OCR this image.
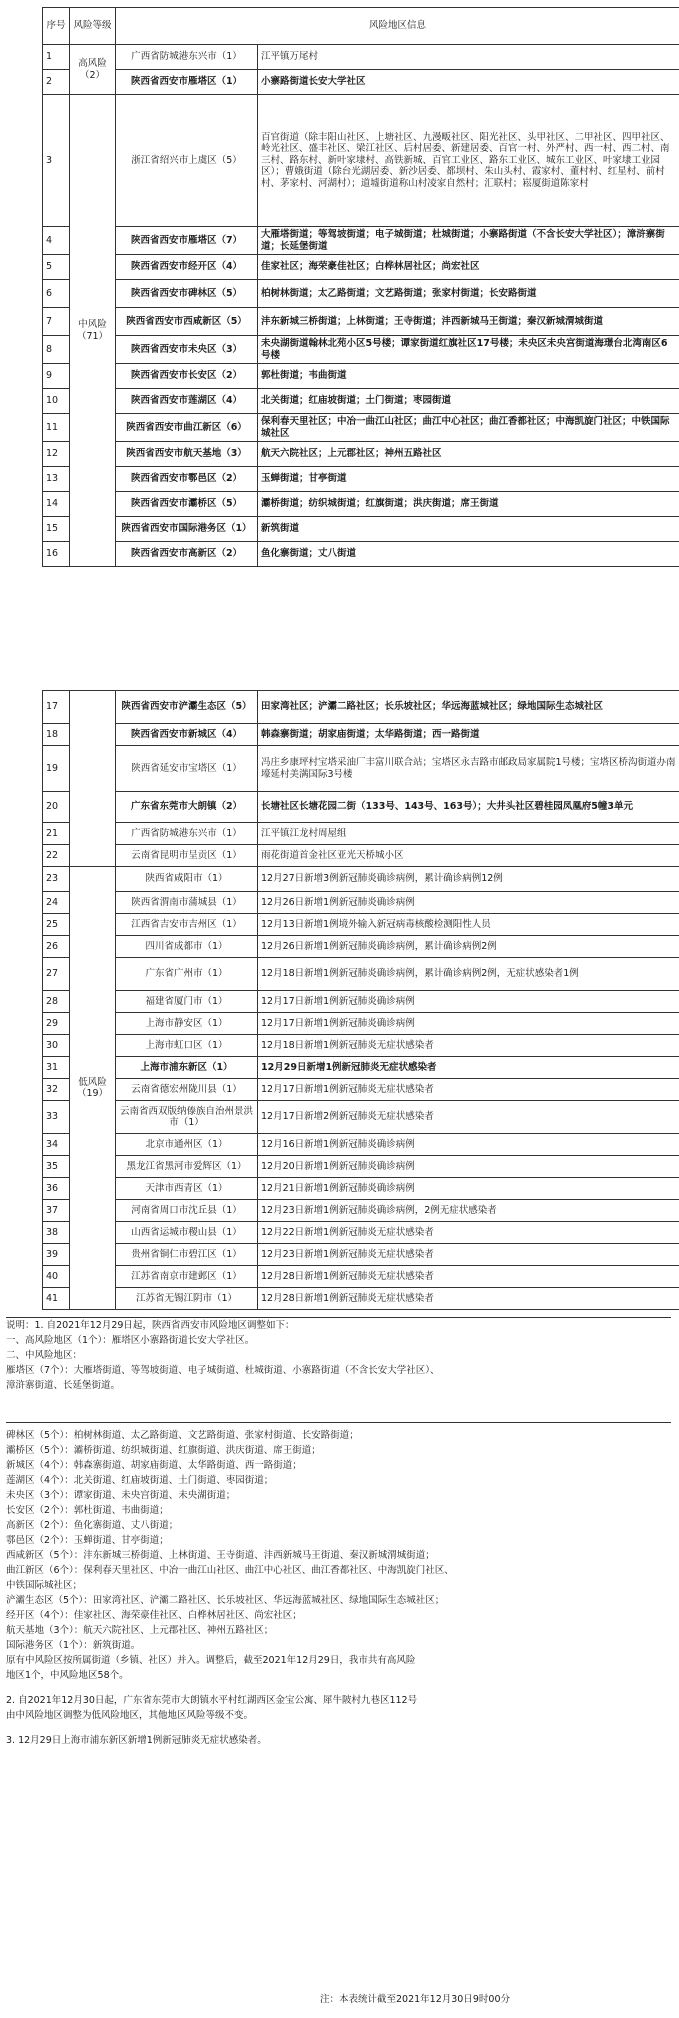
序号	风险等级	风险地区信息	
1	高风险（2）	广西省防城港东兴市（1）	江平镇万尾村
2		陕西省西安市雁塔区（1）	小寨路街道长安大学社区
3	中风险（71）	浙江省绍兴市上虞区（5）	百官街道（除丰阳山社区、上塘社区、九漫畈社区、阳光社区、头甲社区、二甲社区、四甲社区、岭光社区、盛丰社区、梁江社区、后村居委、新建居委、百官一村、外严村、西一村、西二村、南三村、路东村、新叶家埭村、高铁新城、百官工业区、路东工业区、城东工业区、叶家埭工业园区）；曹娥街道（除台光湖居委、新沙居委、都坝村、朱山头村、霞家村、董村村、红星村、前村村、茅家村、河湖村）；道墟街道称山村凌家自然村；汇联村；崧厦街道陈家村
4		陕西省西安市雁塔区（7）	大雁塔街道；等驾坡街道；电子城街道；杜城街道；小寨路街道（不含长安大学社区）；漳浒寨街道；长延堡街道
5		陕西省西安市经开区（4）	佳家社区；海荣豪佳社区；白桦林居社区；尚宏社区
6		陕西省西安市碑林区（5）	柏树林街道；太乙路街道；文艺路街道；张家村街道；长安路街道
7		陕西省西安市西咸新区（5）	沣东新城三桥街道；上林街道；王寺街道；沣西新城马王街道；秦汉新城渭城街道
8		陕西省西安市未央区（3）	未央湖街道翰林北苑小区5号楼；谭家街道红旗社区17号楼；未央区未央宫街道海璟台北湾南区6号楼
9		陕西省西安市长安区（2）	郭杜街道；韦曲街道
10		陕西省西安市莲湖区（4）	北关街道；红庙坡街道；土门街道；枣园街道
11		陕西省西安市曲江新区（6）	保利春天里社区；中冶一曲江山社区；曲江中心社区；曲江香都社区；中海凯旋门社区；中铁国际城社区
12		陕西省西安市航天基地（3）	航天六院社区；上元郡社区；神州五路社区
13		陕西省西安市鄠邑区（2）	玉蝉街道；甘亭街道
14		陕西省西安市灞桥区（5）	灞桥街道；纺织城街道；红旗街道；洪庆街道；席王街道
15		陕西省西安市国际港务区（1）	新筑街道
16		陕西省西安市高新区（2）	鱼化寨街道；丈八街道
17		陕西省西安市浐灞生态区（5）	田家湾社区；浐灞二路社区；长乐坡社区；华远海蓝城社区；绿地国际生态城社区
18		陕西省西安市新城区（4）	韩森寨街道；胡家庙街道；太华路街道；西一路街道
19		陕西省延安市宝塔区（1）	冯庄乡康坪村宝塔采油厂丰富川联合站；宝塔区永吉路市邮政局家属院1号楼；宝塔区桥沟街道办南壕延村美满国际3号楼
20		广东省东莞市大朗镇（2）	长塘社区长塘花园二街（133号、143号、163号）；大井头社区碧桂园凤凰府5幢3单元
21		广西省防城港东兴市（1）	江平镇江龙村周屋组
22		云南省昆明市呈贡区（1）	雨花街道首金社区亚光天桥城小区
23	低风险（19）	陕西省咸阳市（1）	12月27日新增3例新冠肺炎确诊病例，累计确诊病例12例
24		陕西省渭南市蒲城县（1）	12月26日新增1例新冠肺炎确诊病例
25		江西省吉安市吉州区（1）	12月13日新增1例境外输入新冠病毒核酸检测阳性人员
26		四川省成都市（1）	12月26日新增1例新冠肺炎确诊病例，累计确诊病例2例
27		广东省广州市（1）	12月18日新增1例新冠肺炎确诊病例，累计确诊病例2例，无症状感染者1例
28		福建省厦门市（1）	12月17日新增1例新冠肺炎确诊病例
29		上海市静安区（1）	12月17日新增1例新冠肺炎确诊病例
30		上海市虹口区（1）	12月18日新增1例新冠肺炎无症状感染者
31		上海市浦东新区（1）	12月29日新增1例新冠肺炎无症状感染者
32		云南省德宏州陇川县（1）	12月17日新增1例新冠肺炎无症状感染者
33		云南省西双版纳傣族自治州景洪市（1）	12月17日新增2例新冠肺炎无症状感染者
34		北京市通州区（1）	12月16日新增1例新冠肺炎确诊病例
35		黑龙江省黑河市爱辉区（1）	12月20日新增1例新冠肺炎确诊病例
36		天津市西青区（1）	12月21日新增1例新冠肺炎确诊病例
37		河南省周口市沈丘县（1）	12月23日新增1例新冠肺炎确诊病例，2例无症状感染者
38		山西省运城市稷山县（1）	12月22日新增1例新冠肺炎无症状感染者
39		贵州省铜仁市碧江区（1）	12月23日新增1例新冠肺炎无症状感染者
40		江苏省南京市建邺区（1）	12月28日新增1例新冠肺炎无症状感染者
41		江苏省无锡江阴市（1）	12月28日新增1例新冠肺炎无症状感染者

说明：1. 自2021年12月29日起，陕西省西安市风险地区调整如下：

一、高风险地区（1个）：雁塔区小寨路街道长安大学社区。

二、中风险地区：

雁塔区（7个）：大雁塔街道、等驾坡街道、电子城街道、杜城街道、小寨路街道（不含长安大学社区）、

漳浒寨街道、长延堡街道。

碑林区（5个）：柏树林街道、太乙路街道、文艺路街道、张家村街道、长安路街道；

灞桥区（5个）：灞桥街道、纺织城街道、红旗街道、洪庆街道、席王街道；

新城区（4个）：韩森寨街道、胡家庙街道、太华路街道、西一路街道；

莲湖区（4个）：北关街道、红庙坡街道、土门街道、枣园街道；

未央区（3个）：谭家街道、未央宫街道、未央湖街道；

长安区（2个）：郭杜街道、韦曲街道；

高新区（2个）：鱼化寨街道、丈八街道；

鄠邑区（2个）：玉蝉街道、甘亭街道；

西咸新区（5个）：沣东新城三桥街道、上林街道、王寺街道、沣西新城马王街道、秦汉新城渭城街道；

曲江新区（6个）：保利春天里社区、中冶一曲江山社区、曲江中心社区、曲江香都社区、中海凯旋门社区、

中铁国际城社区；

浐灞生态区（5个）：田家湾社区、浐灞二路社区、长乐坡社区、华远海蓝城社区、绿地国际生态城社区；

经开区（4个）：佳家社区、海荣豪佳社区、白桦林居社区、尚宏社区；

航天基地（3个）：航天六院社区、上元郡社区、神州五路社区；

国际港务区（1个）：新筑街道。

原有中风险区按所属街道（乡镇、社区）并入。调整后，截至2021年12月29日，我市共有高风险

地区1个，中风险地区58个。

2. 自2021年12月30日起，广东省东莞市大朗镇水平村红湖西区金宝公寓、犀牛陂村九巷区112号

由中风险地区调整为低风险地区，其他地区风险等级不变。

3. 12月29日上海市浦东新区新增1例新冠肺炎无症状感染者。

注：本表统计截至2021年12月30日9时00分
